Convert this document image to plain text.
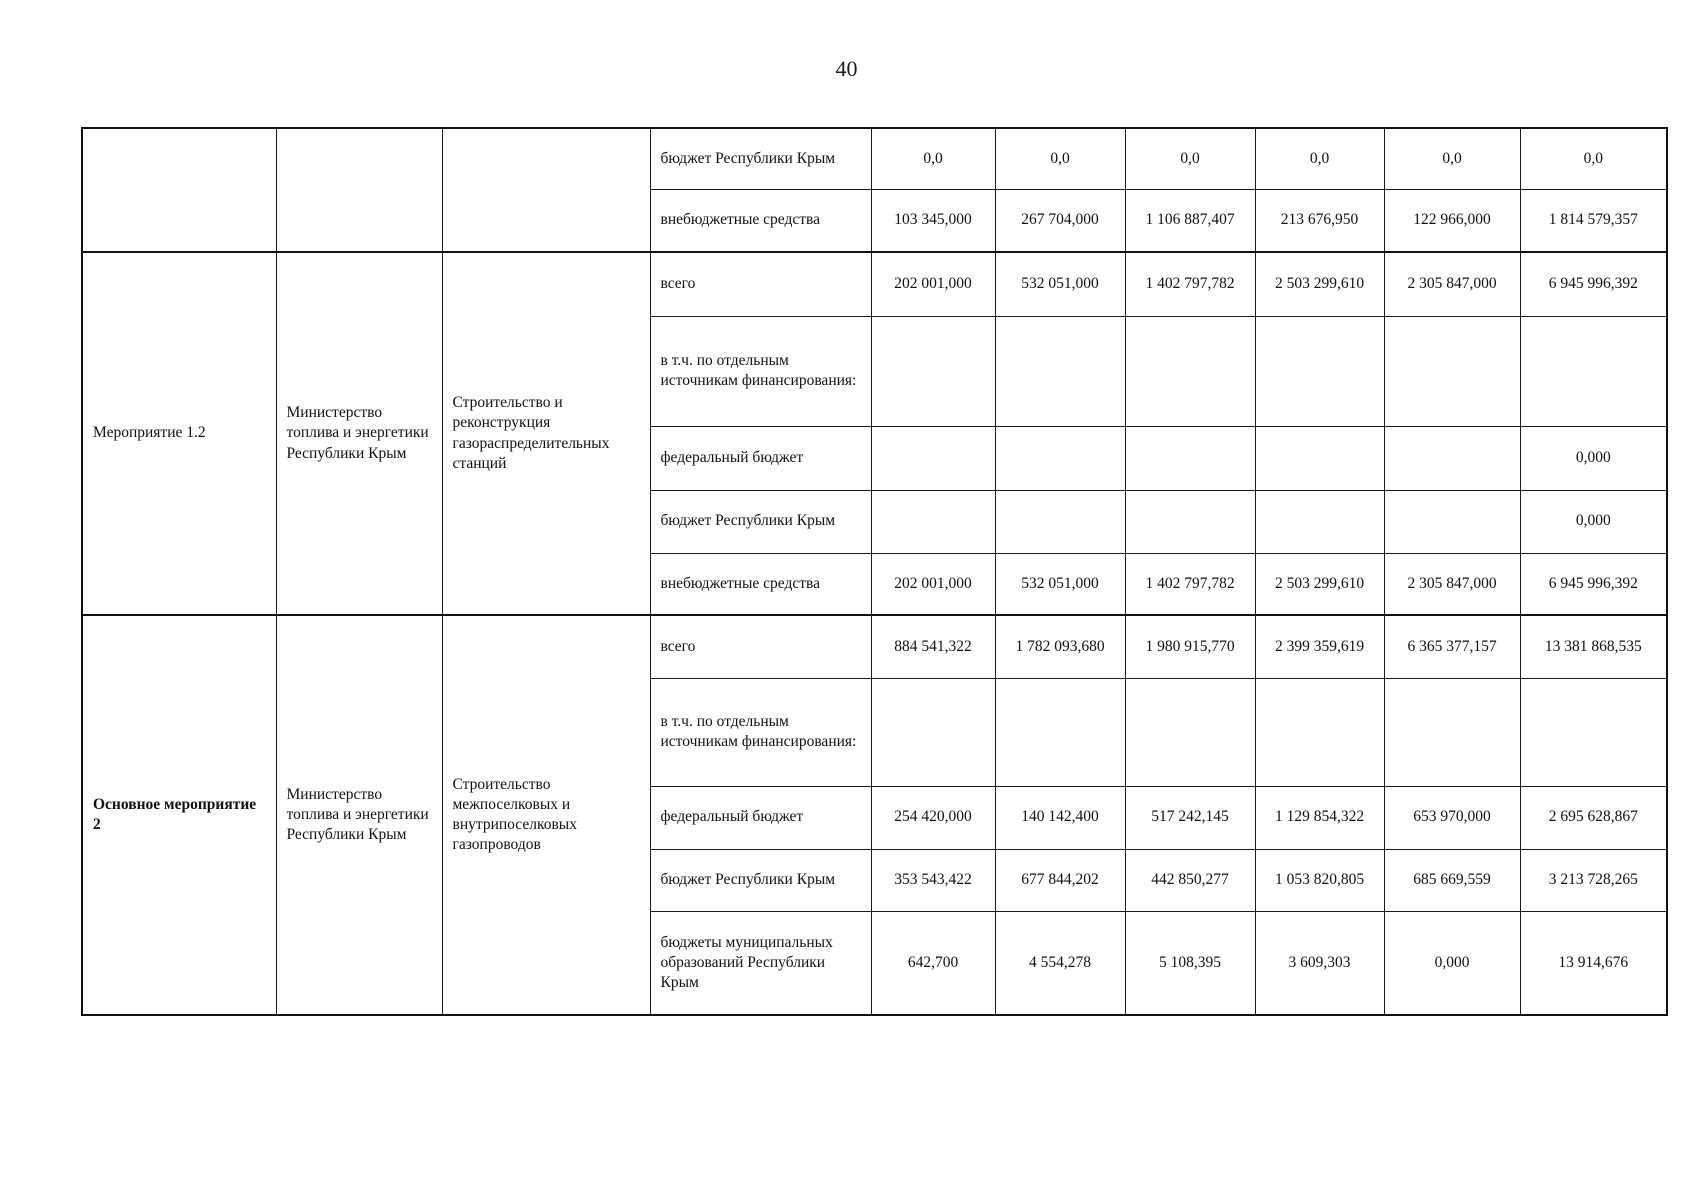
40
			бюджет Республики Крым	0,0	0,0	0,0	0,0	0,0	0,0
			внебюджетные средства	103 345,000	267 704,000	1 106 887,407	213 676,950	122 966,000	1 814 579,357
Мероприятие 1.2	Министерство топлива и энергетики Республики Крым	Строительство и реконструкция газораспределительных станций	всего	202 001,000	532 051,000	1 402 797,782	2 503 299,610	2 305 847,000	6 945 996,392
			в т.ч. по отдельным источникам финансирования:						
			федеральный бюджет						0,000
			бюджет Республики Крым						0,000
			внебюджетные средства	202 001,000	532 051,000	1 402 797,782	2 503 299,610	2 305 847,000	6 945 996,392
Основное мероприятие 2	Министерство топлива и энергетики Республики Крым	Строительство межпоселковых и внутрипоселковых газопроводов	всего	884 541,322	1 782 093,680	1 980 915,770	2 399 359,619	6 365 377,157	13 381 868,535
			в т.ч. по отдельным источникам финансирования:						
			федеральный бюджет	254 420,000	140 142,400	517 242,145	1 129 854,322	653 970,000	2 695 628,867
			бюджет Республики Крым	353 543,422	677 844,202	442 850,277	1 053 820,805	685 669,559	3 213 728,265
			бюджеты муниципальных образований Республики Крым	642,700	4 554,278	5 108,395	3 609,303	0,000	13 914,676
